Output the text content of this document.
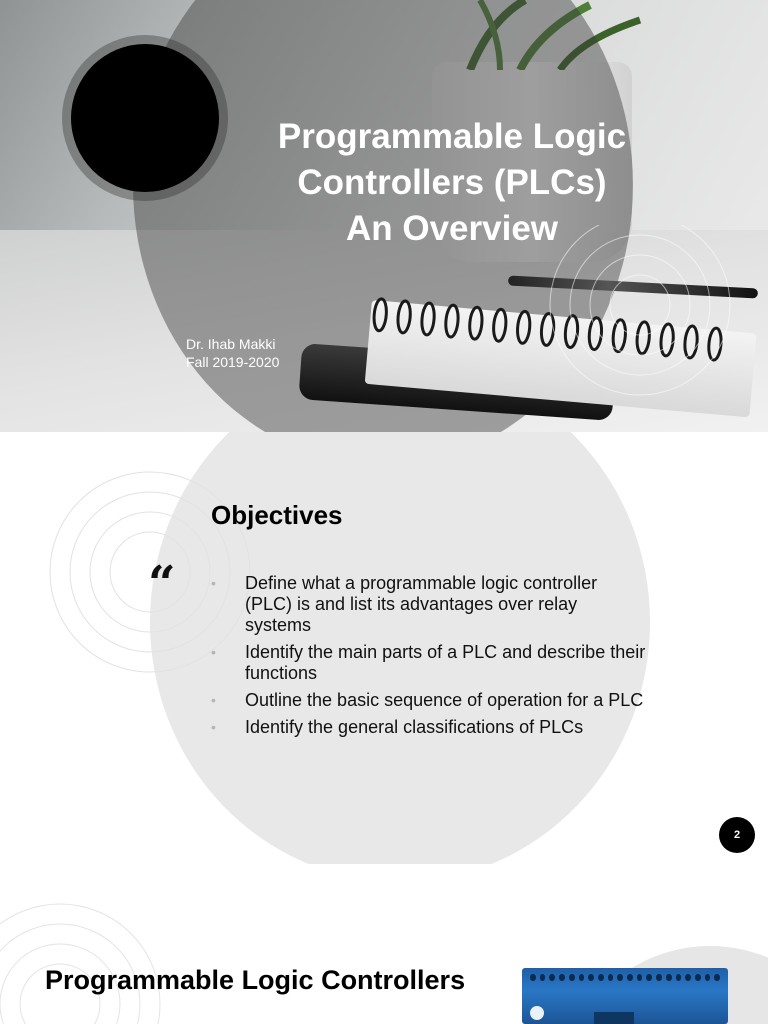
Programmable Logic
Controllers (PLCs)
An Overview
Dr. Ihab Makki
Fall 2019-2020
Objectives
“	• Define what a programmable logic controller (PLC) is and list its advantages over relay systems
• Identify the main parts of a PLC and describe their functions
• Outline the basic sequence of operation for a PLC
• Identify the general classifications of PLCs
2
Programmable Logic Controllers
